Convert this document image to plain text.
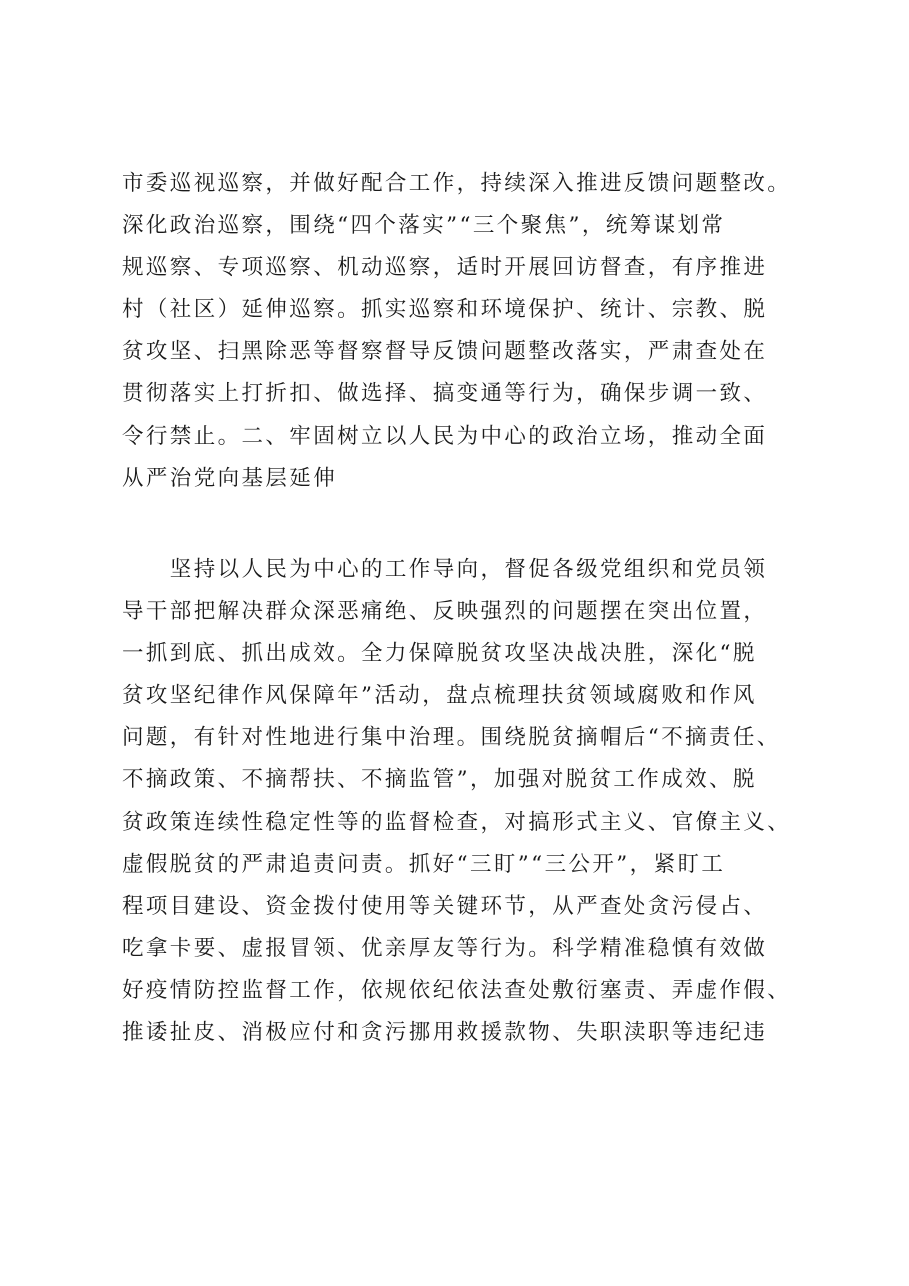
市委巡视巡察，并做好配合工作，持续深入推进反馈问题整改。
深化政治巡察，围绕“四个落实”“三个聚焦”，统筹谋划常
规巡察、专项巡察、机动巡察，适时开展回访督查，有序推进
村（社区）延伸巡察。抓实巡察和环境保护、统计、宗教、脱
贫攻坚、扫黑除恶等督察督导反馈问题整改落实，严肃查处在
贯彻落实上打折扣、做选择、搞变通等行为，确保步调一致、
令行禁止。二、牢固树立以人民为中心的政治立场，推动全面
从严治党向基层延伸
　　坚持以人民为中心的工作导向，督促各级党组织和党员领
导干部把解决群众深恶痛绝、反映强烈的问题摆在突出位置，
一抓到底、抓出成效。全力保障脱贫攻坚决战决胜，深化“脱
贫攻坚纪律作风保障年”活动，盘点梳理扶贫领域腐败和作风
问题，有针对性地进行集中治理。围绕脱贫摘帽后“不摘责任、
不摘政策、不摘帮扶、不摘监管”，加强对脱贫工作成效、脱
贫政策连续性稳定性等的监督检查，对搞形式主义、官僚主义、
虚假脱贫的严肃追责问责。抓好“三盯”“三公开”，紧盯工
程项目建设、资金拨付使用等关键环节，从严查处贪污侵占、
吃拿卡要、虚报冒领、优亲厚友等行为。科学精准稳慎有效做
好疫情防控监督工作，依规依纪依法查处敷衍塞责、弄虚作假、
推诿扯皮、消极应付和贪污挪用救援款物、失职渎职等违纪违
